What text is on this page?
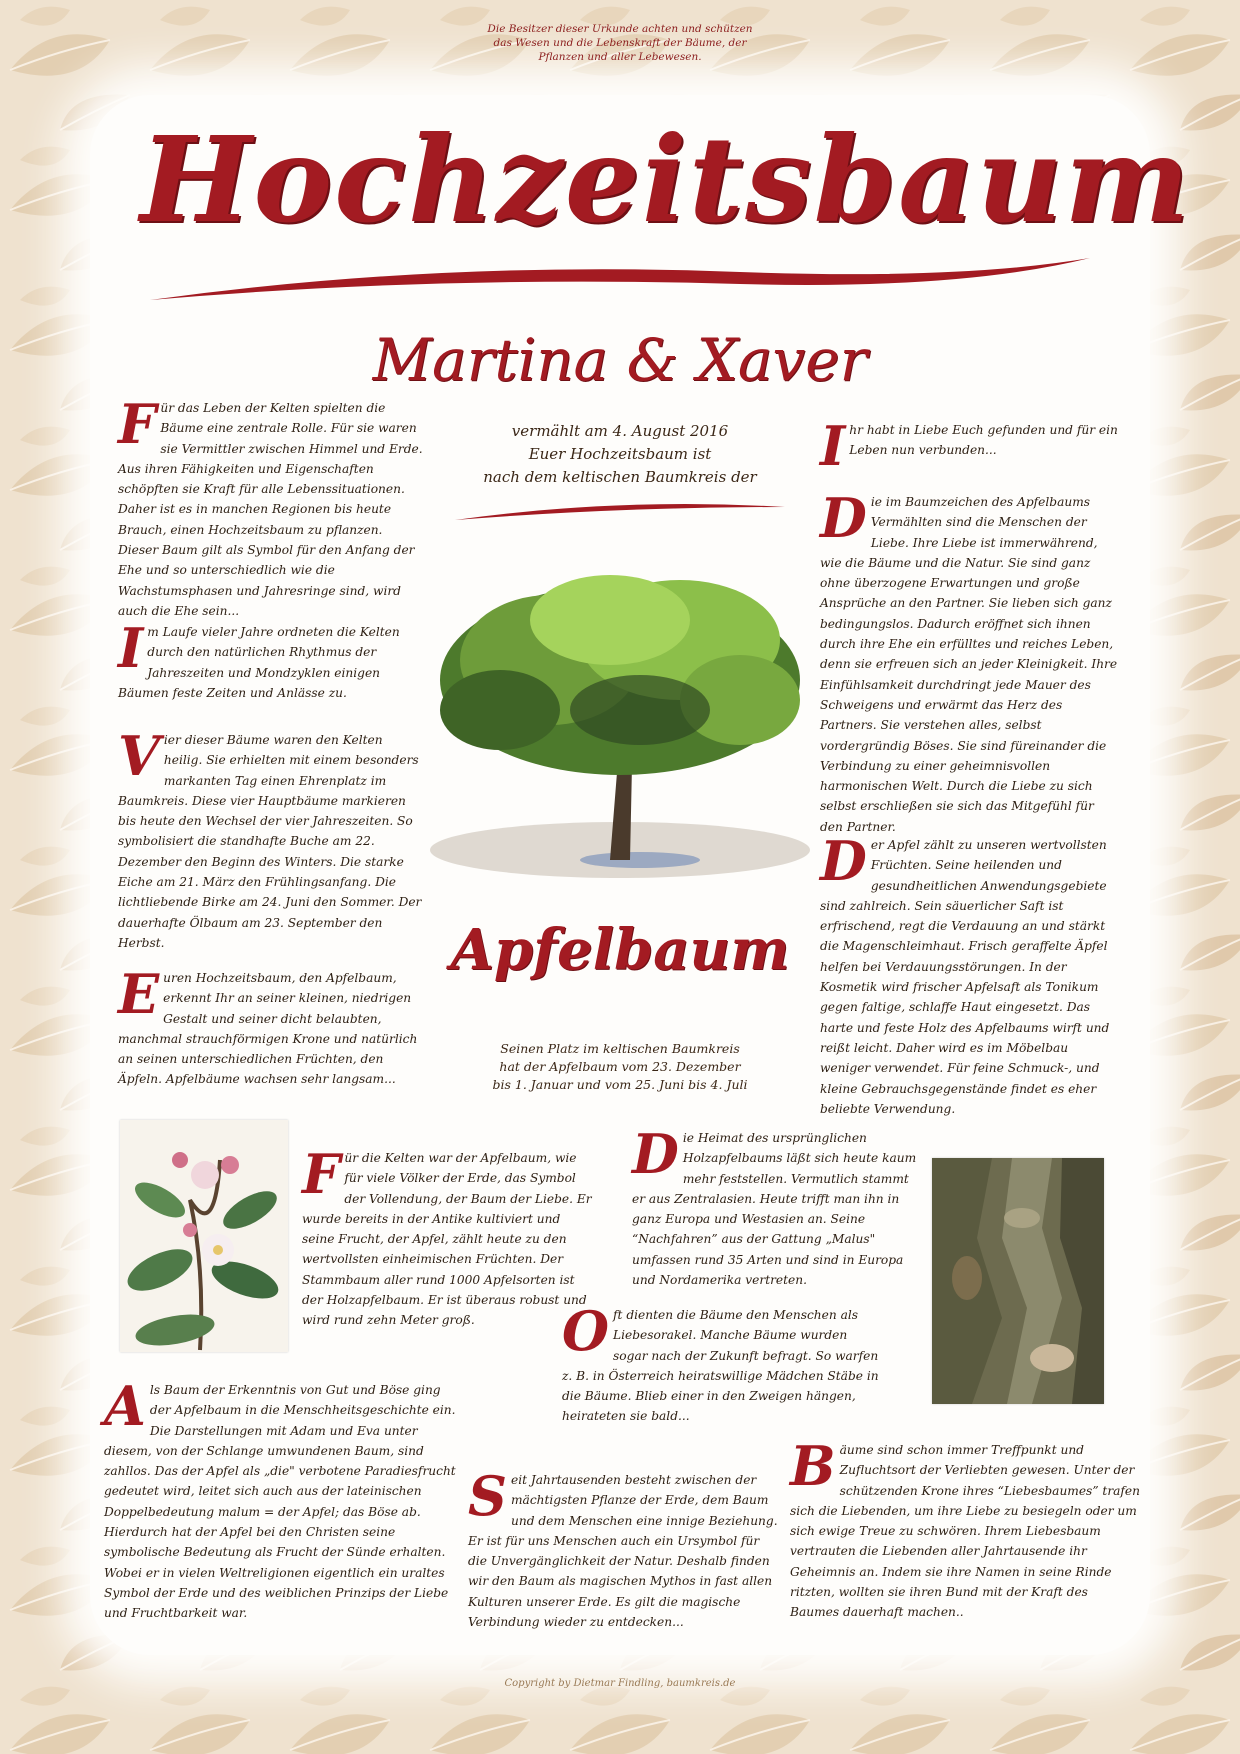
Die Besitzer dieser Urkunde achten und schützen das Wesen und die Lebenskraft der Bäume, der Pflanzen und aller Lebewesen.
Hochzeitsbaum
Martina & Xaver
vermählt am 4. August 2016
Euer Hochzeitsbaum ist
nach dem keltischen Baumkreis der
Apfelbaum
Seinen Platz im keltischen Baumkreis
hat der Apfelbaum vom 23. Dezember
bis 1. Januar und vom 25. Juni bis 4. Juli
Für das Leben der Kelten spielten die Bäume eine zentrale Rolle. Für sie waren sie Vermittler zwischen Himmel und Erde. Aus ihren Fähigkeiten und Eigenschaften schöpften sie Kraft für alle Lebenssituationen. Daher ist es in manchen Regionen bis heute Brauch, einen Hochzeitsbaum zu pflanzen. Dieser Baum gilt als Symbol für den Anfang der Ehe und so unterschiedlich wie die Wachstumsphasen und Jahresringe sind, wird auch die Ehe sein...
Im Laufe vieler Jahre ordneten die Kelten durch den natürlichen Rhythmus der Jahreszeiten und Mondzyklen einigen Bäumen feste Zeiten und Anlässe zu.
Vier dieser Bäume waren den Kelten heilig. Sie erhielten mit einem besonders markanten Tag einen Ehrenplatz im Baumkreis. Diese vier Hauptbäume markieren bis heute den Wechsel der vier Jahreszeiten. So symbolisiert die standhafte Buche am 22. Dezember den Beginn des Winters. Die starke Eiche am 21. März den Frühlingsanfang. Die lichtliebende Birke am 24. Juni den Sommer. Der dauerhafte Ölbaum am 23. September den Herbst.
Euren Hochzeitsbaum, den Apfelbaum, erkennt Ihr an seiner kleinen, niedrigen Gestalt und seiner dicht belaubten, manchmal strauchförmigen Krone und natürlich an seinen unterschiedlichen Früchten, den Äpfeln. Apfelbäume wachsen sehr langsam...
Ihr habt in Liebe Euch gefunden und für ein Leben nun verbunden...
Die im Baumzeichen des Apfelbaums Vermählten sind die Menschen der Liebe. Ihre Liebe ist immerwährend, wie die Bäume und die Natur. Sie sind ganz ohne überzogene Erwartungen und große Ansprüche an den Partner. Sie lieben sich ganz bedingungslos. Dadurch eröffnet sich ihnen durch ihre Ehe ein erfülltes und reiches Leben, denn sie erfreuen sich an jeder Kleinigkeit. Ihre Einfühlsamkeit durchdringt jede Mauer des Schweigens und erwärmt das Herz des Partners. Sie verstehen alles, selbst vordergründig Böses. Sie sind füreinander die Verbindung zu einer geheimnisvollen harmonischen Welt. Durch die Liebe zu sich selbst erschließen sie sich das Mitgefühl für den Partner.
Der Apfel zählt zu unseren wertvollsten Früchten. Seine heilenden und gesundheitlichen Anwendungsgebiete sind zahlreich. Sein säuerlicher Saft ist erfrischend, regt die Verdauung an und stärkt die Magenschleimhaut. Frisch geraffelte Äpfel helfen bei Verdauungsstörungen. In der Kosmetik wird frischer Apfelsaft als Tonikum gegen faltige, schlaffe Haut eingesetzt. Das harte und feste Holz des Apfelbaums wirft und reißt leicht. Daher wird es im Möbelbau weniger verwendet. Für feine Schmuck-, und kleine Gebrauchsgegenstände findet es eher beliebte Verwendung.
Für die Kelten war der Apfelbaum, wie für viele Völker der Erde, das Symbol der Vollendung, der Baum der Liebe. Er wurde bereits in der Antike kultiviert und seine Frucht, der Apfel, zählt heute zu den wertvollsten einheimischen Früchten. Der Stammbaum aller rund 1000 Apfelsorten ist der Holzapfelbaum. Er ist überaus robust und wird rund zehn Meter groß.
Die Heimat des ursprünglichen Holzapfelbaums läßt sich heute kaum mehr feststellen. Vermutlich stammt er aus Zentralasien. Heute trifft man ihn in ganz Europa und Westasien an. Seine “Nachfahren” aus der Gattung „Malus" umfassen rund 35 Arten und sind in Europa und Nordamerika vertreten.
Oft dienten die Bäume den Menschen als Liebesorakel. Manche Bäume wurden sogar nach der Zukunft befragt. So warfen z. B. in Österreich heiratswillige Mädchen Stäbe in die Bäume. Blieb einer in den Zweigen hängen, heirateten sie bald...
Als Baum der Erkenntnis von Gut und Böse ging der Apfelbaum in die Menschheitsgeschichte ein. Die Darstellungen mit Adam und Eva unter diesem, von der Schlange umwundenen Baum, sind zahllos. Das der Apfel als „die" verbotene Paradiesfrucht gedeutet wird, leitet sich auch aus der lateinischen Doppelbedeutung malum = der Apfel; das Böse ab. Hierdurch hat der Apfel bei den Christen seine symbolische Bedeutung als Frucht der Sünde erhalten. Wobei er in vielen Weltreligionen eigentlich ein uraltes Symbol der Erde und des weiblichen Prinzips der Liebe und Fruchtbarkeit war.
Seit Jahrtausenden besteht zwischen der mächtigsten Pflanze der Erde, dem Baum und dem Menschen eine innige Beziehung. Er ist für uns Menschen auch ein Ursymbol für die Unvergänglichkeit der Natur. Deshalb finden wir den Baum als magischen Mythos in fast allen Kulturen unserer Erde. Es gilt die magische Verbindung wieder zu entdecken...
Bäume sind schon immer Treffpunkt und Zufluchtsort der Verliebten gewesen. Unter der schützenden Krone ihres “Liebesbaumes” trafen sich die Liebenden, um ihre Liebe zu besiegeln oder um sich ewige Treue zu schwören. Ihrem Liebesbaum vertrauten die Liebenden aller Jahrtausende ihr Geheimnis an. Indem sie ihre Namen in seine Rinde ritzten, wollten sie ihren Bund mit der Kraft des Baumes dauerhaft machen..
Copyright by Dietmar Findling, baumkreis.de
